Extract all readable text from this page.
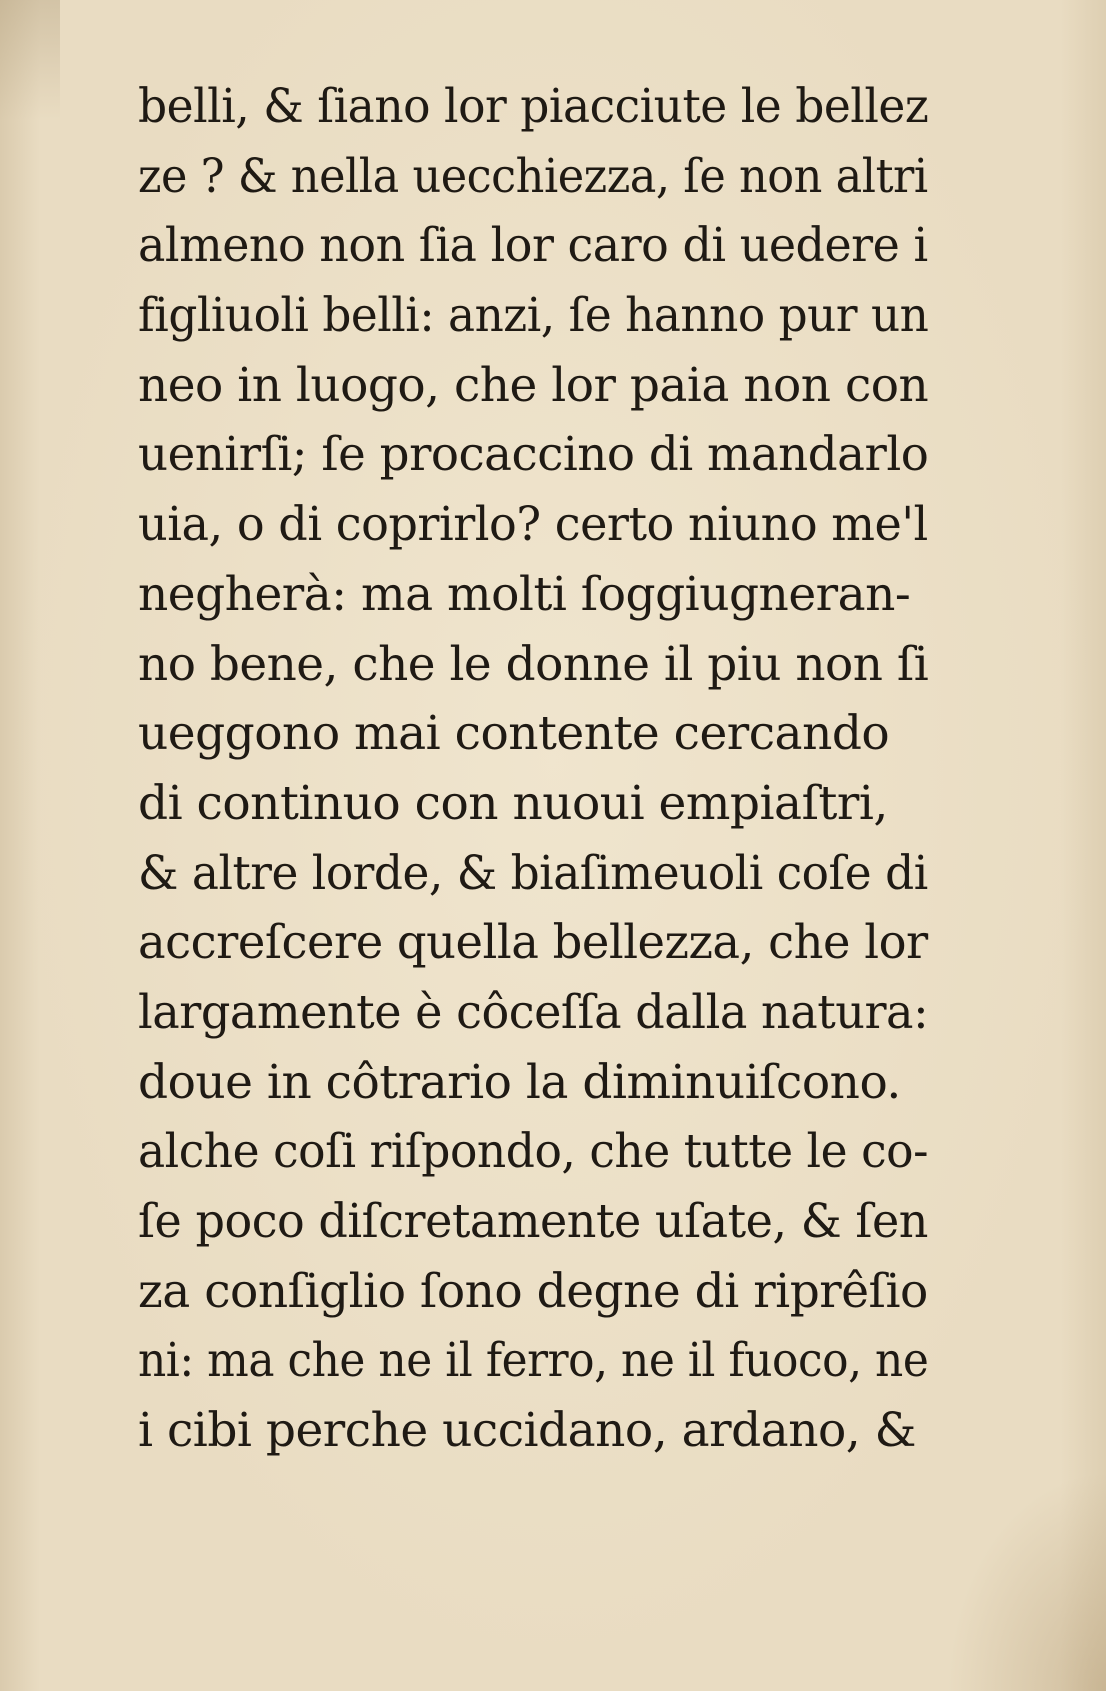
belli, & ſiano lor piacciute le bellez
ze ? & nella uecchiezza, ſe non altri
almeno non ſia lor caro di uedere i
figliuoli belli: anzi, ſe hanno pur un
neo in luogo, che lor paia non con
uenirſi; ſe procaccino di mandarlo
uia, o di coprirlo? certo niuno me'l
negherà: ma molti ſoggiugneran-
no bene, che le donne il piu non ſi
ueggono mai contente cercando
di continuo con nuoui empiaſtri,
& altre lorde, & biaſimeuoli coſe di
accreſcere quella bellezza, che lor
largamente è côceſſa dalla natura:
doue in côtrario la diminuiſcono.
alche coſi riſpondo, che tutte le co-
ſe poco diſcretamente uſate, & ſen
za conſiglio ſono degne di riprêſio
ni: ma che ne il ferro, ne il fuoco, ne
i cibi perche uccidano, ardano, &
